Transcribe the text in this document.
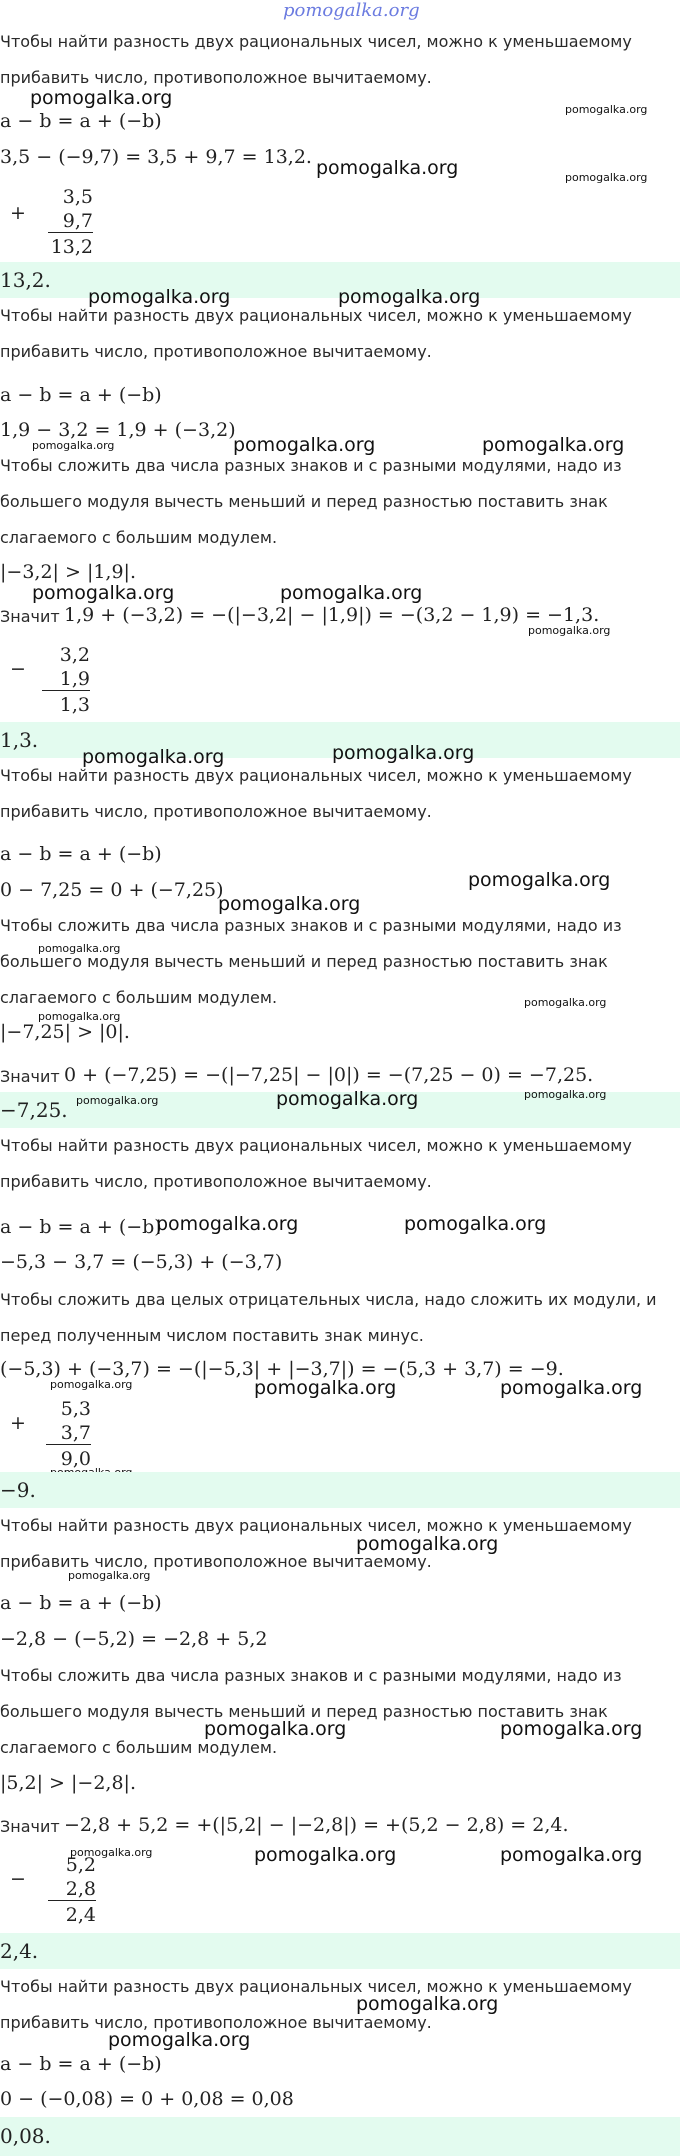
pomogalka.org
Чтобы найти разность двух рациональных чисел, можно к уменьшаемому
прибавить число, противоположное вычитаемому.
pomogalka.org
pomogalka.org
a − b = a + (−b)
3,5 − (−9,7) = 3,5 + 9,7 = 13,2. pomogalka.org	pomogalka.org
+
3,5
9,7
13,2
13,2.
pomogalka.org	pomogalka.org
Чтобы найти разность двух рациональных чисел, можно к уменьшаемому
прибавить число, противоположное вычитаемому.
a − b = a + (−b)
1,9 − 3,2 = 1,9 + (−3,2)
pomogalka.org	pomogalka.org	pomogalka.org
Чтобы сложить два числа разных знаков и с разными модулями, надо из
большего модуля вычесть меньший и перед разностью поставить знак
слагаемого с большим модулем.
|−3,2| > |1,9|.
pomogalka.org	pomogalka.org
Значит 1,9 + (−3,2) = −(|−3,2| − |1,9|) = −(3,2 − 1,9) = −1,3.
pomogalka.org
−
3,2
1,9
1,3
1,3.
pomogalka.org	pomogalka.org
Чтобы найти разность двух рациональных чисел, можно к уменьшаемому
прибавить число, противоположное вычитаемому.
a − b = a + (−b)
pomogalka.org
0 − 7,25 = 0 + (−7,25)
pomogalka.org
Чтобы сложить два числа разных знаков и с разными модулями, надо из
pomogalka.org
большего модуля вычесть меньший и перед разностью поставить знак
слагаемого с большим модулем.	pomogalka.org
pomogalka.org
|−7,25| > |0|.
Значит 0 + (−7,25) = −(|−7,25| − |0|) = −(7,25 − 0) = −7,25.
−7,25. pomogalka.org	pomogalka.org	pomogalka.org
Чтобы найти разность двух рациональных чисел, можно к уменьшаемому
прибавить число, противоположное вычитаемому.
a − b = a + (−b)
pomogalka.org	pomogalka.org
−5,3 − 3,7 = (−5,3) + (−3,7)
Чтобы сложить два целых отрицательных числа, надо сложить их модули, и
перед полученным числом поставить знак минус.
(−5,3) + (−3,7) = −(|−5,3| + |−3,7|) = −(5,3 + 3,7) = −9.
pomogalka.org	pomogalka.org	pomogalka.org
+
5,3
3,7
9,0
−9.
Чтобы найти разность двух рациональных чисел, можно к уменьшаемому
pomogalka.org
прибавить число, противоположное вычитаемому.
pomogalka.org
a − b = a + (−b)
−2,8 − (−5,2) = −2,8 + 5,2
Чтобы сложить два числа разных знаков и с разными модулями, надо из
большего модуля вычесть меньший и перед разностью поставить знак
pomogalka.org	pomogalka.org
слагаемого с большим модулем.
|5,2| > |−2,8|.
Значит −2,8 + 5,2 = +(|5,2| − |−2,8|) = +(5,2 − 2,8) = 2,4.
pomogalka.org	pomogalka.org	pomogalka.org
−
5,2
2,8
2,4
2,4.
Чтобы найти разность двух рациональных чисел, можно к уменьшаемому
pomogalka.org
прибавить число, противоположное вычитаемому.
pomogalka.org
a − b = a + (−b)
0 − (−0,08) = 0 + 0,08 = 0,08
0,08.
